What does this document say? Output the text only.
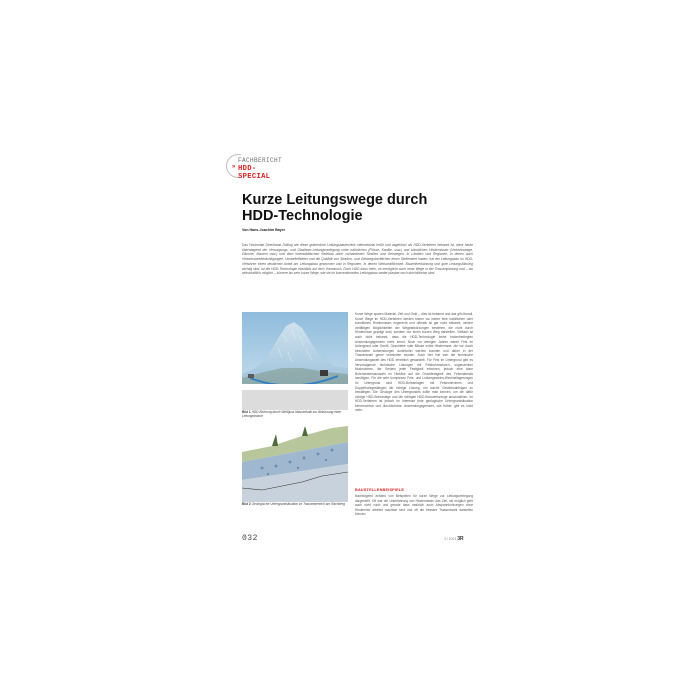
FACHBERICHT
» HDD-SPECIAL
Kurze Leitungswege durch
HDD-Technologie
Von Hans-Joachim Bayer
Das Horizontal Directional Drilling wie diese grabenlose Leitungsbautechnik international heißt und abgekürzt als HDD-Verfahren bekannt ist, dient heute überwiegend der Versorgungs- und Glasfaser-Leitungsverlegung unter natürlichen (Flüsse, Kanäle, usw.) und künstlichen Hindernissen (Verkehrswege, Dämme, Mauern usw.) und dem innerstädtischen Netzbau unter vorhandenen Straßen und Gehwegen. In Ländern und Regionen, in denen auch Verkehrsbeeinträchtigungen, Umwelteffekten und die Qualität von Straßen- und Gehwegoberflächen einen Stellenwert haben, hat der Leitungsbau im HDD-Verfahren einen deutlichen Anteil am Leitungsbau gewonnen und in Regionen, in denen Wirtschaftlichkeit, Bauzeitverkürzung und gute Leitungsführung wichtig sind, ist die HDD-Technologie ebenfalls auf dem Vormarsch. Doch HDD kann mehr, es ermöglicht auch neue Wege in der Trassenplanung und – wo wirtschaftlich möglich – kürzere bis sehr kurze Wege, wie sie im konventionellen Leitungsbau weder planbar noch durchführbar sind.
Bild 1 HDD-Bohrung durch Weißjura-Massenkalk zur Abkürzung einer Leitungstrasse
Bild 2 Geologische Untergrundsituation im Trassenbereich am Rachberg

Kurze Wege sparen Material, Zeit und Geld – dies ist bekannt und das gilt überall. Kurze Wege im HDD-Verfahren werden bisher wo immer eine natürlichen oder künstlichen Hindernissen engerecht und oftmals ist gar nicht bekannt, welche vielfältigen Möglichkeiten der Wegeabkürzungen bestehen, die nicht durch Hindernisse geprägt sind, sondern nur einen kurzen Weg darstellen. Vielfach ist auch nicht bekannt, dass die HDD-Technologie keine bodenbedingten Anwendungsgrenzen mehr kennt. Noch vor wenigen Jahren waren Fels im Untergrund oder Geröll, Geschiebe oder Blöcke echte Hindernisse, die nur durch besondere Aufwendungen durchbohrt werden konnten und daher in der Trassenwahl gerne vermieden wurden. Auch hier hat sich die technische Anwendungswelt des HDD erheblich gewandelt. Für Fels im Untergrund gibt es hervorragende technische Lösungen mit Felsbohrmotoren, sogenannten Mudmotoren, die Gestein jeder Festigkeit erbohren, jedoch eine klare Bohrmediensauswahl im Hinblick auf die Druckfestigkeit des Felsmaterials benötigen. Für die sehr komplexen Fels- und Lockergesteins-Wechsellagerungen im Untergrund sind HDD-Bohranlagen mit Felsbohrrohren und Doppelbohrgestängen die richtige Lösung, um solche Gesteinsabfolgen zu bewältigen. Die Geologie des Untergrundes sollte man kennen, um die dafür richtige HDD-Bohranlage und die richtigen HDD-Bohrwerkzeuge auszuwählen. Im HDD-Verfahren ist jedoch im Interesse jede geologische Untergrundsituation beherrschbar und durchbohrbar. Anwendungsgrenzen, wie früher, gibt es nicht mehr.

BAUSTELLENBEISPIELE
Nachfolgend anhand von Beispielen für kurze Wege zur Leitungsverlegung dargestellt. Oft war die Unterfahrung von Hindernissen das Ziel, sie möglich geht auch nicht nach und gerade dass natürlich auch Abspannbohrungen ohne Hindernise arbeitet machbar sind und oft die bessere Trassenwahl darstellen können.
032	3 / 2013 3R
